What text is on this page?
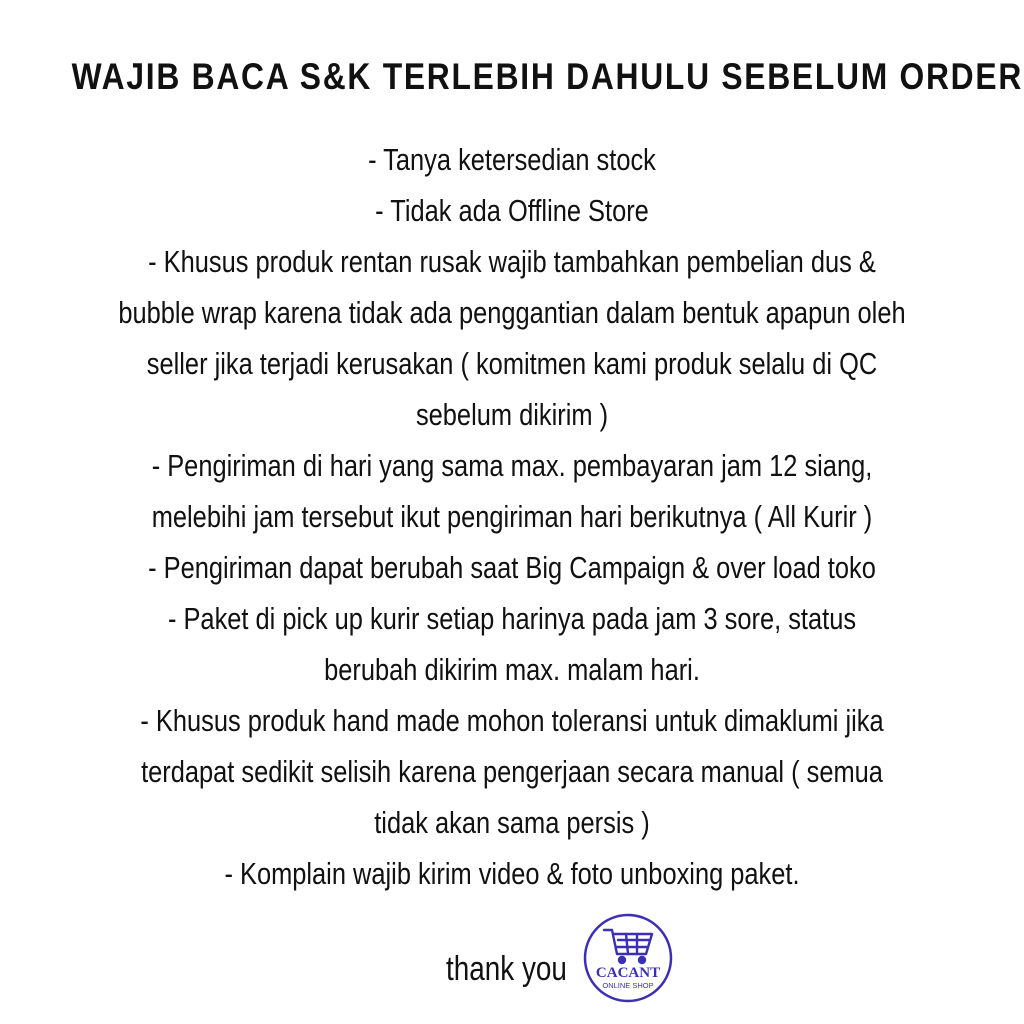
WAJIB BACA S&K TERLEBIH DAHULU SEBELUM ORDER
- Tanya ketersedian stock
- Tidak ada Offline Store
- Khusus produk rentan rusak wajib tambahkan pembelian dus &
bubble wrap karena tidak ada penggantian dalam bentuk apapun oleh
seller jika terjadi kerusakan ( komitmen kami produk selalu di QC
sebelum dikirim )
- Pengiriman di hari yang sama max. pembayaran jam 12 siang,
melebihi jam tersebut ikut pengiriman hari berikutnya ( All Kurir )
- Pengiriman dapat berubah saat Big Campaign & over load toko
- Paket di pick up kurir setiap harinya pada jam 3 sore, status
berubah dikirim max. malam hari.
- Khusus produk hand made mohon toleransi untuk dimaklumi jika
terdapat sedikit selisih karena pengerjaan secara manual ( semua
tidak akan sama persis )
- Komplain wajib kirim video & foto unboxing paket.
thank you CACANT
ONLINE SHOP
